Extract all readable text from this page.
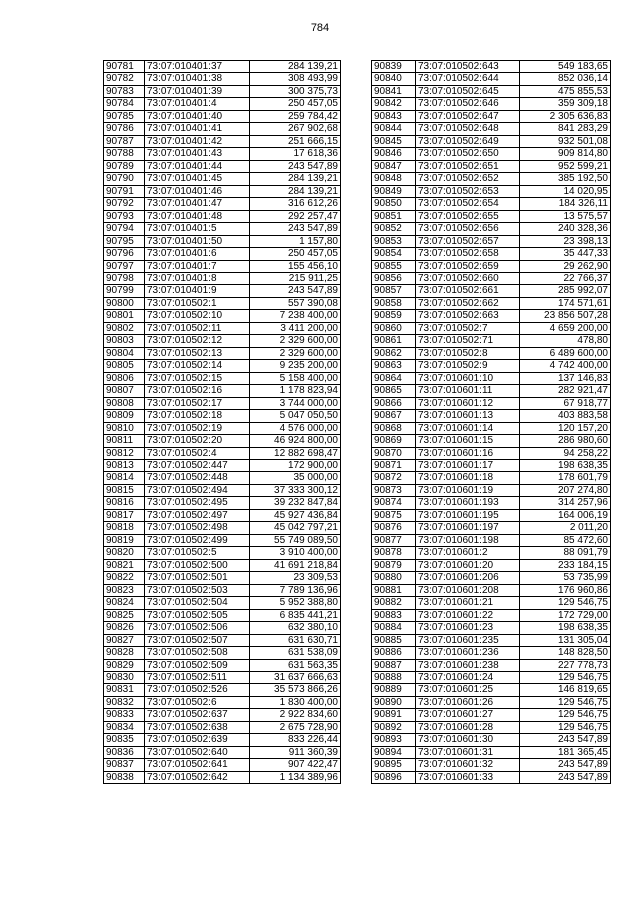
784
90781	73:07:010401:37	284 139,21
90782	73:07:010401:38	308 493,99
90783	73:07:010401:39	300 375,73
90784	73:07:010401:4	250 457,05
90785	73:07:010401:40	259 784,42
90786	73:07:010401:41	267 902,68
90787	73:07:010401:42	251 666,15
90788	73:07:010401:43	17 618,36
90789	73:07:010401:44	243 547,89
90790	73:07:010401:45	284 139,21
90791	73:07:010401:46	284 139,21
90792	73:07:010401:47	316 612,26
90793	73:07:010401:48	292 257,47
90794	73:07:010401:5	243 547,89
90795	73:07:010401:50	1 157,80
90796	73:07:010401:6	250 457,05
90797	73:07:010401:7	155 456,10
90798	73:07:010401:8	215 911,25
90799	73:07:010401:9	243 547,89
90800	73:07:010502:1	557 390,08
90801	73:07:010502:10	7 238 400,00
90802	73:07:010502:11	3 411 200,00
90803	73:07:010502:12	2 329 600,00
90804	73:07:010502:13	2 329 600,00
90805	73:07:010502:14	9 235 200,00
90806	73:07:010502:15	5 158 400,00
90807	73:07:010502:16	1 178 823,94
90808	73:07:010502:17	3 744 000,00
90809	73:07:010502:18	5 047 050,50
90810	73:07:010502:19	4 576 000,00
90811	73:07:010502:20	46 924 800,00
90812	73:07:010502:4	12 882 698,47
90813	73:07:010502:447	172 900,00
90814	73:07:010502:448	35 000,00
90815	73:07:010502:494	37 333 300,12
90816	73:07:010502:495	39 232 847,84
90817	73:07:010502:497	45 927 436,84
90818	73:07:010502:498	45 042 797,21
90819	73:07:010502:499	55 749 089,50
90820	73:07:010502:5	3 910 400,00
90821	73:07:010502:500	41 691 218,84
90822	73:07:010502:501	23 309,53
90823	73:07:010502:503	7 789 136,96
90824	73:07:010502:504	5 952 388,80
90825	73:07:010502:505	6 835 441,21
90826	73:07:010502:506	632 380,10
90827	73:07:010502:507	631 630,71
90828	73:07:010502:508	631 538,09
90829	73:07:010502:509	631 563,35
90830	73:07:010502:511	31 637 666,63
90831	73:07:010502:526	35 573 866,26
90832	73:07:010502:6	1 830 400,00
90833	73:07:010502:637	2 922 834,60
90834	73:07:010502:638	2 675 728,90
90835	73:07:010502:639	833 226,44
90836	73:07:010502:640	911 360,39
90837	73:07:010502:641	907 422,47
90838	73:07:010502:642	1 134 389,96
90839	73:07:010502:643	549 183,65
90840	73:07:010502:644	852 036,14
90841	73:07:010502:645	475 855,53
90842	73:07:010502:646	359 309,18
90843	73:07:010502:647	2 305 636,83
90844	73:07:010502:648	841 283,29
90845	73:07:010502:649	932 501,08
90846	73:07:010502:650	909 814,80
90847	73:07:010502:651	952 599,21
90848	73:07:010502:652	385 192,50
90849	73:07:010502:653	14 020,95
90850	73:07:010502:654	184 326,11
90851	73:07:010502:655	13 575,57
90852	73:07:010502:656	240 328,36
90853	73:07:010502:657	23 398,13
90854	73:07:010502:658	35 447,33
90855	73:07:010502:659	29 262,90
90856	73:07:010502:660	22 766,37
90857	73:07:010502:661	285 992,07
90858	73:07:010502:662	174 571,61
90859	73:07:010502:663	23 856 507,28
90860	73:07:010502:7	4 659 200,00
90861	73:07:010502:71	478,80
90862	73:07:010502:8	6 489 600,00
90863	73:07:010502:9	4 742 400,00
90864	73:07:010601:10	137 146,83
90865	73:07:010601:11	282 921,47
90866	73:07:010601:12	67 918,77
90867	73:07:010601:13	403 883,58
90868	73:07:010601:14	120 157,20
90869	73:07:010601:15	286 980,60
90870	73:07:010601:16	94 258,22
90871	73:07:010601:17	198 638,35
90872	73:07:010601:18	178 601,79
90873	73:07:010601:19	207 274,80
90874	73:07:010601:193	314 257,96
90875	73:07:010601:195	164 006,19
90876	73:07:010601:197	2 011,20
90877	73:07:010601:198	85 472,60
90878	73:07:010601:2	88 091,79
90879	73:07:010601:20	233 184,15
90880	73:07:010601:206	53 735,99
90881	73:07:010601:208	176 960,86
90882	73:07:010601:21	129 546,75
90883	73:07:010601:22	172 729,00
90884	73:07:010601:23	198 638,35
90885	73:07:010601:235	131 305,04
90886	73:07:010601:236	148 828,50
90887	73:07:010601:238	227 778,73
90888	73:07:010601:24	129 546,75
90889	73:07:010601:25	146 819,65
90890	73:07:010601:26	129 546,75
90891	73:07:010601:27	129 546,75
90892	73:07:010601:28	129 546,75
90893	73:07:010601:30	243 547,89
90894	73:07:010601:31	181 365,45
90895	73:07:010601:32	243 547,89
90896	73:07:010601:33	243 547,89
